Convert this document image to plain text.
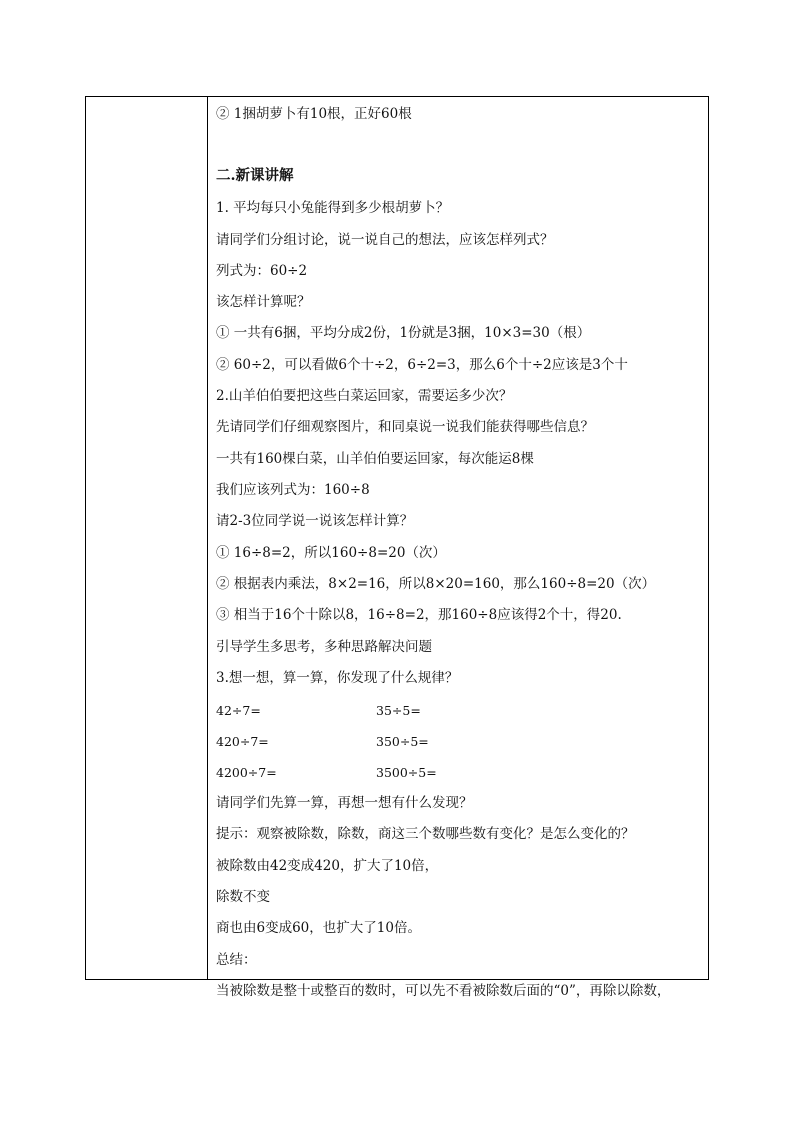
② 1捆胡萝卜有10根，正好60根
二.新课讲解
1. 平均每只小兔能得到多少根胡萝卜？
请同学们分组讨论，说一说自己的想法，应该怎样列式？
列式为：60÷2
该怎样计算呢？
① 一共有6捆，平均分成2份，1份就是3捆，10×3=30（根）
② 60÷2，可以看做6个十÷2，6÷2=3，那么6个十÷2应该是3个十
2.山羊伯伯要把这些白菜运回家，需要运多少次？
先请同学们仔细观察图片，和同桌说一说我们能获得哪些信息？
一共有160棵白菜，山羊伯伯要运回家，每次能运8棵
我们应该列式为：160÷8
请2-3位同学说一说该怎样计算？
① 16÷8=2，所以160÷8=20（次）
② 根据表内乘法，8×2=16，所以8×20=160，那么160÷8=20（次）
③ 相当于16个十除以8，16÷8=2，那160÷8应该得2个十，得20.
引导学生多思考，多种思路解决问题
3.想一想，算一算，你发现了什么规律？
42÷7=	35÷5=
420÷7=	350÷5=
4200÷7=	3500÷5=
请同学们先算一算，再想一想有什么发现？
提示：观察被除数，除数，商这三个数哪些数有变化？是怎么变化的？
被除数由42变成420，扩大了10倍，
除数不变
商也由6变成60，也扩大了10倍。
总结：
当被除数是整十或整百的数时，可以先不看被除数后面的“0”，再除以除数，
